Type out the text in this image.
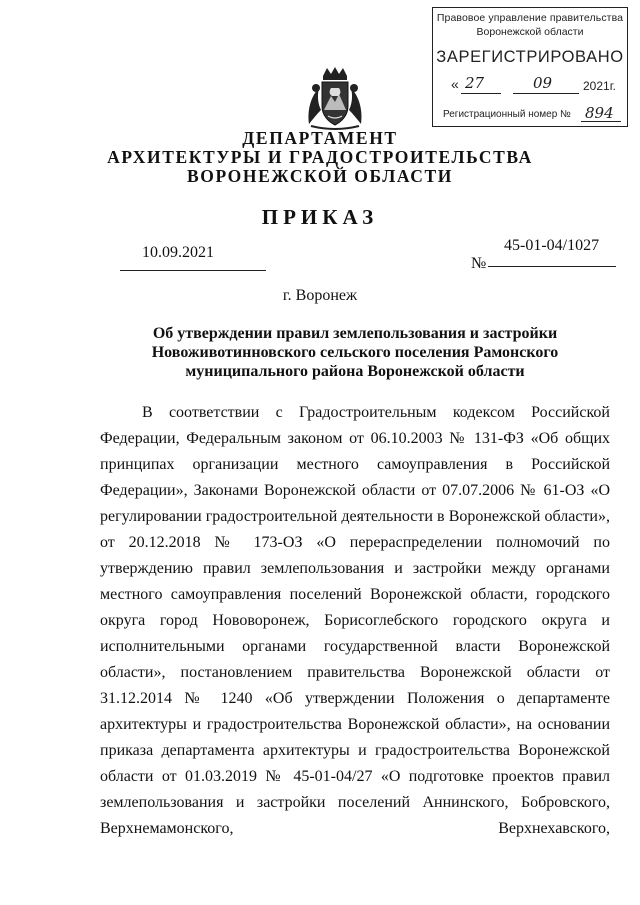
Правовое управление правительства
Воронежской области
ЗАРЕГИСТРИРОВАНО
« 27	09	2021г.
Регистрационный номер № 894
ДЕПАРТАМЕНТ
АРХИТЕКТУРЫ И ГРАДОСТРОИТЕЛЬСТВА
ВОРОНЕЖСКОЙ ОБЛАСТИ
ПРИКАЗ
10.09.2021
№
45-01-04/1027
г. Воронеж
Об утверждении правил землепользования и застройки Новоживотинновского сельского поселения Рамонского муниципального района Воронежской области

В соответствии с Градостроительным кодексом Российской Федерации, Федеральным законом от 06.10.2003 № 131-ФЗ «Об общих принципах организации местного самоуправления в Российской Федерации», Законами Воронежской области от 07.07.2006 № 61-ОЗ «О регулировании градостроительной деятельности в Воронежской области», от 20.12.2018 № 173-ОЗ «О перераспределении полномочий по утверждению правил землепользования и застройки между органами местного самоуправления поселений Воронежской области, городского округа город Нововоронеж, Борисоглебского городского округа и исполнительными органами государственной власти Воронежской области», постановлением правительства Воронежской области от 31.12.2014 № 1240 «Об утверждении Положения о департаменте архитектуры и градостроительства Воронежской области», на основании приказа департамента архитектуры и градостроительства Воронежской области от 01.03.2019 № 45-01-04/27 «О подготовке проектов правил землепользования и застройки поселений Аннинского, Бобровского, Верхнемамонского, Верхнехавского,
